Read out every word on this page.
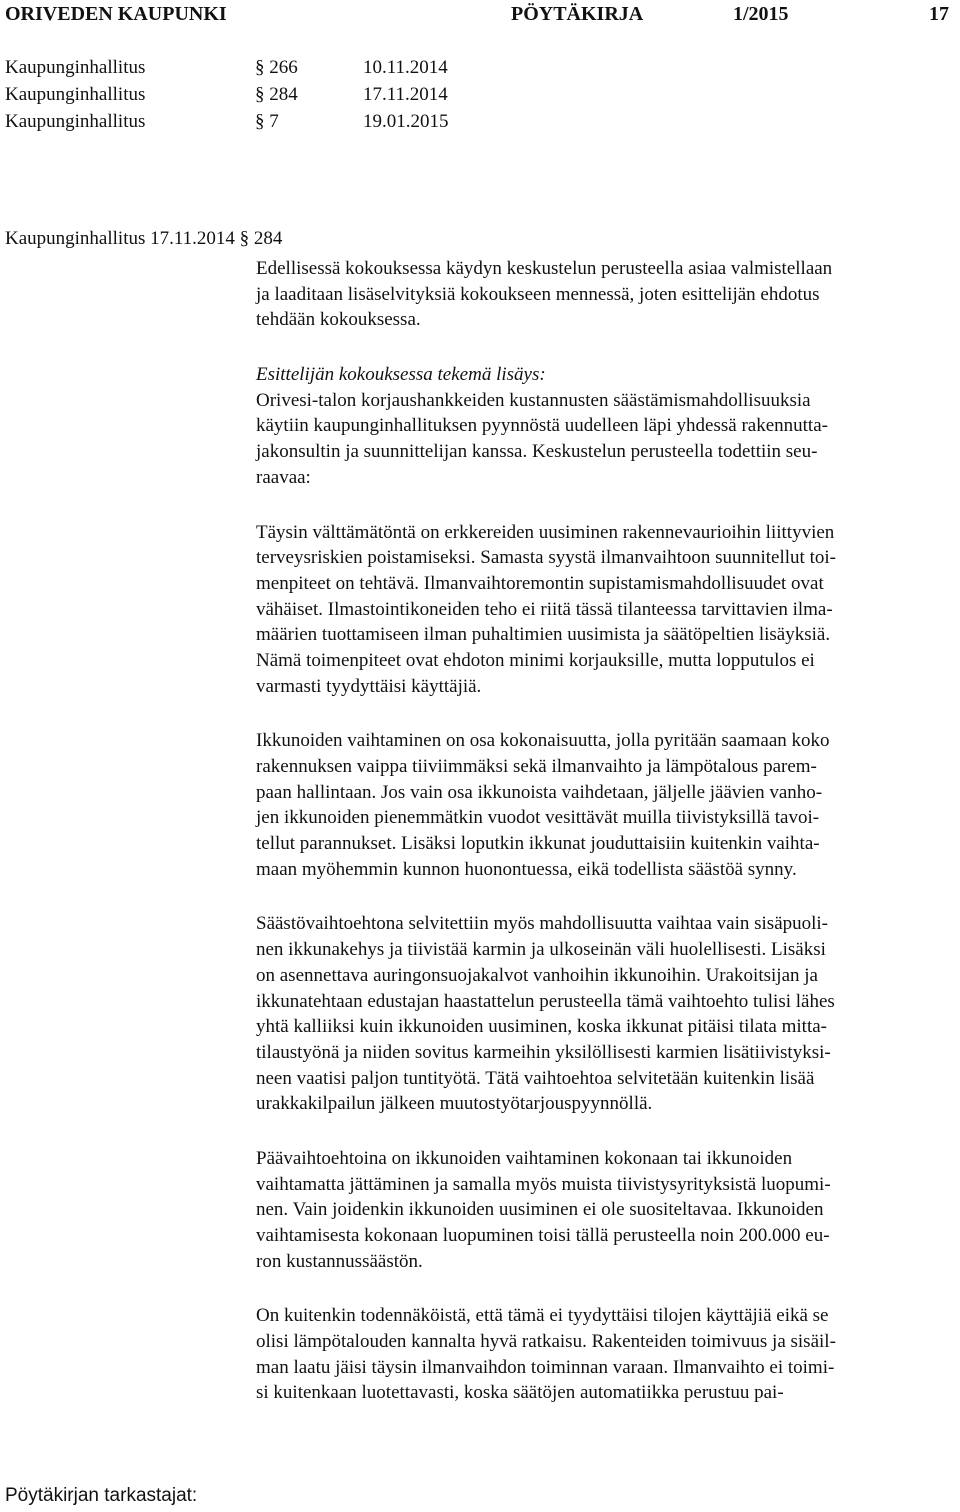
ORIVEDEN KAUPUNKI	PÖYTÄKIRJA	1/2015	17
Kaupunginhallitus	§ 266	10.11.2014
Kaupunginhallitus	§ 284	17.11.2014
Kaupunginhallitus	§ 7	19.01.2015
Kaupunginhallitus 17.11.2014 § 284
Edellisessä kokouksessa käydyn keskustelun perusteella asiaa valmistellaan
ja laaditaan lisäselvityksiä kokoukseen mennessä, joten esittelijän ehdotus
tehdään kokouksessa.
Esittelijän kokouksessa tekemä lisäys:
Orivesi-talon korjaushankkeiden kustannusten säästämismahdollisuuksia
käytiin kaupunginhallituksen pyynnöstä uudelleen läpi yhdessä rakennutta-
jakonsultin ja suunnittelijan kanssa. Keskustelun perusteella todettiin seu-
raavaa:
Täysin välttämätöntä on erkkereiden uusiminen rakennevaurioihin liittyvien
terveysriskien poistamiseksi. Samasta syystä ilmanvaihtoon suunnitellut toi-
menpiteet on tehtävä. Ilmanvaihtoremontin supistamismahdollisuudet ovat
vähäiset. Ilmastointikoneiden teho ei riitä tässä tilanteessa tarvittavien ilma-
määrien tuottamiseen ilman puhaltimien uusimista ja säätöpeltien lisäyksiä.
Nämä toimenpiteet ovat ehdoton minimi korjauksille, mutta lopputulos ei
varmasti tyydyttäisi käyttäjiä.
Ikkunoiden vaihtaminen on osa kokonaisuutta, jolla pyritään saamaan koko
rakennuksen vaippa tiiviimmäksi sekä ilmanvaihto ja lämpötalous parem-
paan hallintaan. Jos vain osa ikkunoista vaihdetaan, jäljelle jäävien vanho-
jen ikkunoiden pienemmätkin vuodot vesittävät muilla tiivistyksillä tavoi-
tellut parannukset. Lisäksi loputkin ikkunat jouduttaisiin kuitenkin vaihta-
maan myöhemmin kunnon huonontuessa, eikä todellista säästöä synny.
Säästövaihtoehtona selvitettiin myös mahdollisuutta vaihtaa vain sisäpuoli-
nen ikkunakehys ja tiivistää karmin ja ulkoseinän väli huolellisesti. Lisäksi
on asennettava auringonsuojakalvot vanhoihin ikkunoihin. Urakoitsijan ja
ikkunatehtaan edustajan haastattelun perusteella tämä vaihtoehto tulisi lähes
yhtä kalliiksi kuin ikkunoiden uusiminen, koska ikkunat pitäisi tilata mitta-
tilaustyönä ja niiden sovitus karmeihin yksilöllisesti karmien lisätiivistyksi-
neen vaatisi paljon tuntityötä. Tätä vaihtoehtoa selvitetään kuitenkin lisää
urakkakilpailun jälkeen muutostyötarjouspyynnöllä.
Päävaihtoehtoina on ikkunoiden vaihtaminen kokonaan tai ikkunoiden
vaihtamatta jättäminen ja samalla myös muista tiivistysyrityksistä luopumi-
nen. Vain joidenkin ikkunoiden uusiminen ei ole suositeltavaa. Ikkunoiden
vaihtamisesta kokonaan luopuminen toisi tällä perusteella noin 200.000 eu-
ron kustannussäästön.
On kuitenkin todennäköistä, että tämä ei tyydyttäisi tilojen käyttäjiä eikä se
olisi lämpötalouden kannalta hyvä ratkaisu. Rakenteiden toimivuus ja sisäil-
man laatu jäisi täysin ilmanvaihdon toiminnan varaan. Ilmanvaihto ei toimi-
si kuitenkaan luotettavasti, koska säätöjen automatiikka perustuu pai-
Pöytäkirjan tarkastajat:
